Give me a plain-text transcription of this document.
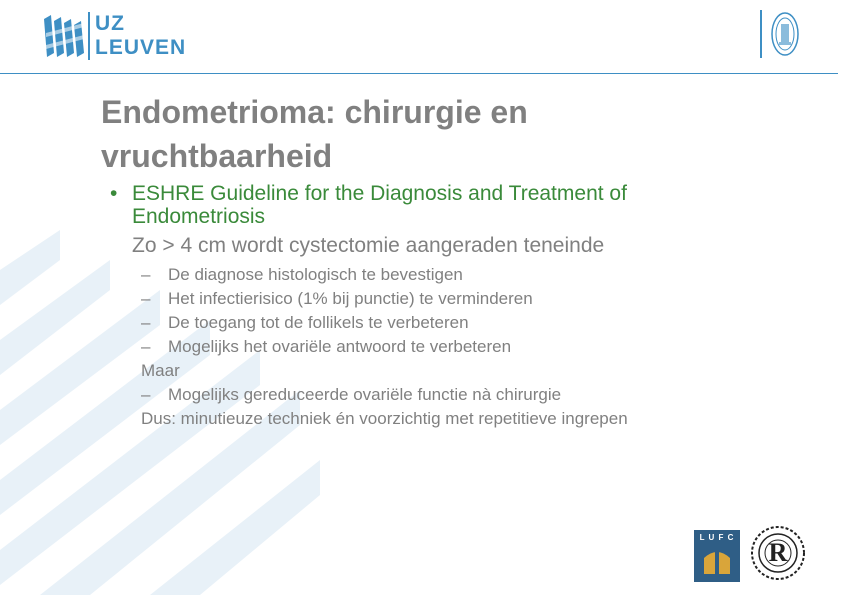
UZ
LEUVEN
Endometrioma: chirurgie en
vruchtbaarheid
• ESHRE Guideline for the Diagnosis and Treatment of
Endometriosis
Zo > 4 cm wordt cystectomie aangeraden teneinde
– De diagnose histologisch te bevestigen
– Het infectierisico (1% bij punctie) te verminderen
– De toegang tot de follikels te verbeteren
– Mogelijks het ovariële antwoord te verbeteren
Maar
– Mogelijks gereduceerde ovariële functie nà chirurgie
Dus: minutieuze techniek én voorzichtig met repetitieve ingrepen
L U F C
R
